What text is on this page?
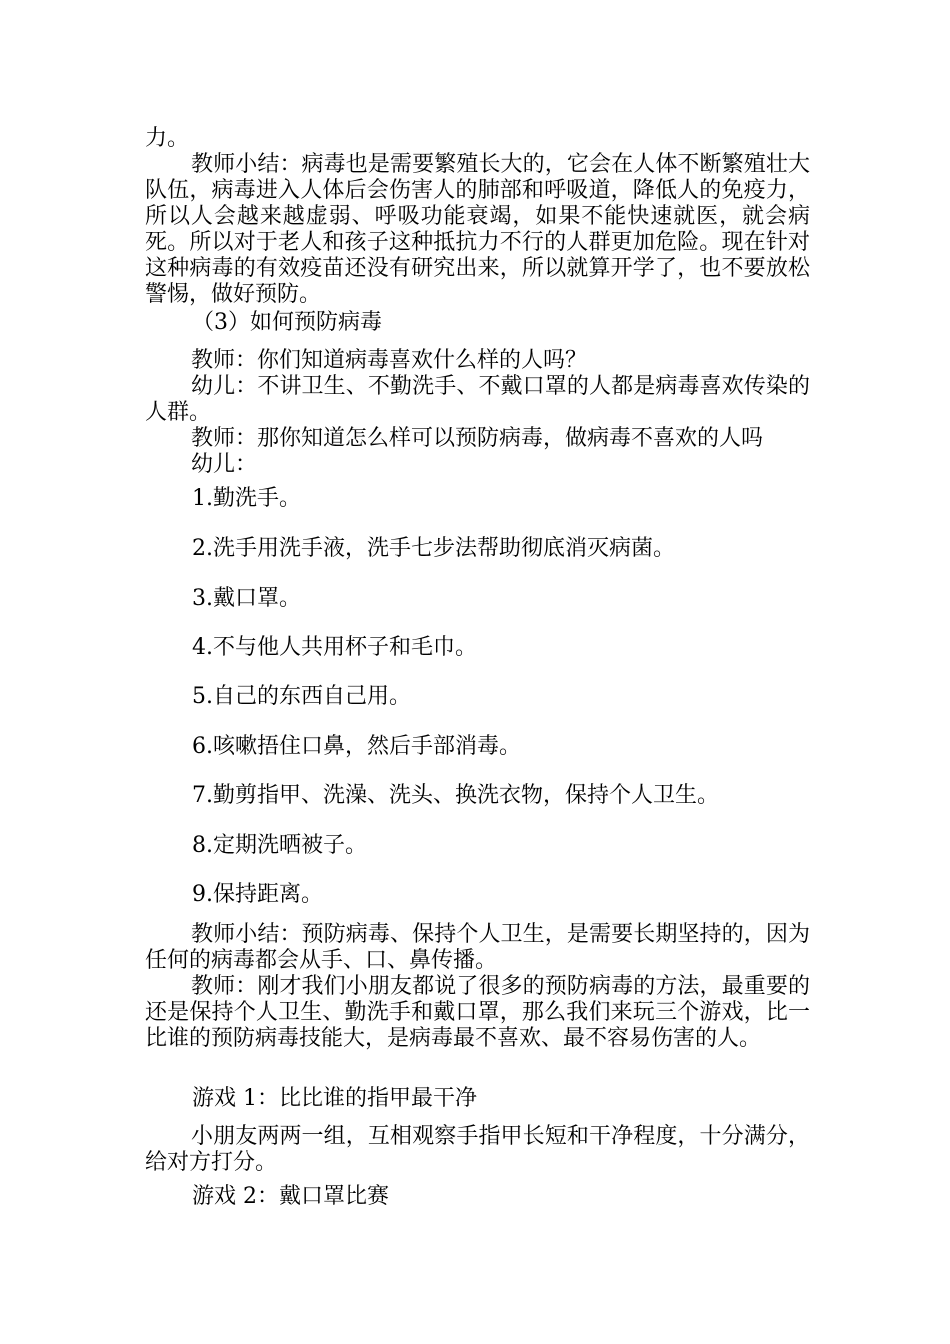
力。

教师小结：病毒也是需要繁殖长大的，它会在人体不断繁殖壮大队伍，病毒进入人体后会伤害人的肺部和呼吸道，降低人的免疫力，所以人会越来越虚弱、呼吸功能衰竭，如果不能快速就医，就会病死。所以对于老人和孩子这种抵抗力不行的人群更加危险。现在针对这种病毒的有效疫苗还没有研究出来，所以就算开学了，也不要放松警惕，做好预防。

（3）如何预防病毒

教师：你们知道病毒喜欢什么样的人吗？

幼儿：不讲卫生、不勤洗手、不戴口罩的人都是病毒喜欢传染的人群。

教师：那你知道怎么样可以预防病毒，做病毒不喜欢的人吗

幼儿：

1.勤洗手。

2.洗手用洗手液，洗手七步法帮助彻底消灭病菌。

3.戴口罩。

4.不与他人共用杯子和毛巾。

5.自己的东西自己用。

6.咳嗽捂住口鼻，然后手部消毒。

7.勤剪指甲、洗澡、洗头、换洗衣物，保持个人卫生。

8.定期洗晒被子。

9.保持距离。

教师小结：预防病毒、保持个人卫生，是需要长期坚持的，因为任何的病毒都会从手、口、鼻传播。

教师：刚才我们小朋友都说了很多的预防病毒的方法，最重要的还是保持个人卫生、勤洗手和戴口罩，那么我们来玩三个游戏，比一比谁的预防病毒技能大，是病毒最不喜欢、最不容易伤害的人。

游戏 1：比比谁的指甲最干净

小朋友两两一组，互相观察手指甲长短和干净程度，十分满分，给对方打分。

游戏 2：戴口罩比赛
